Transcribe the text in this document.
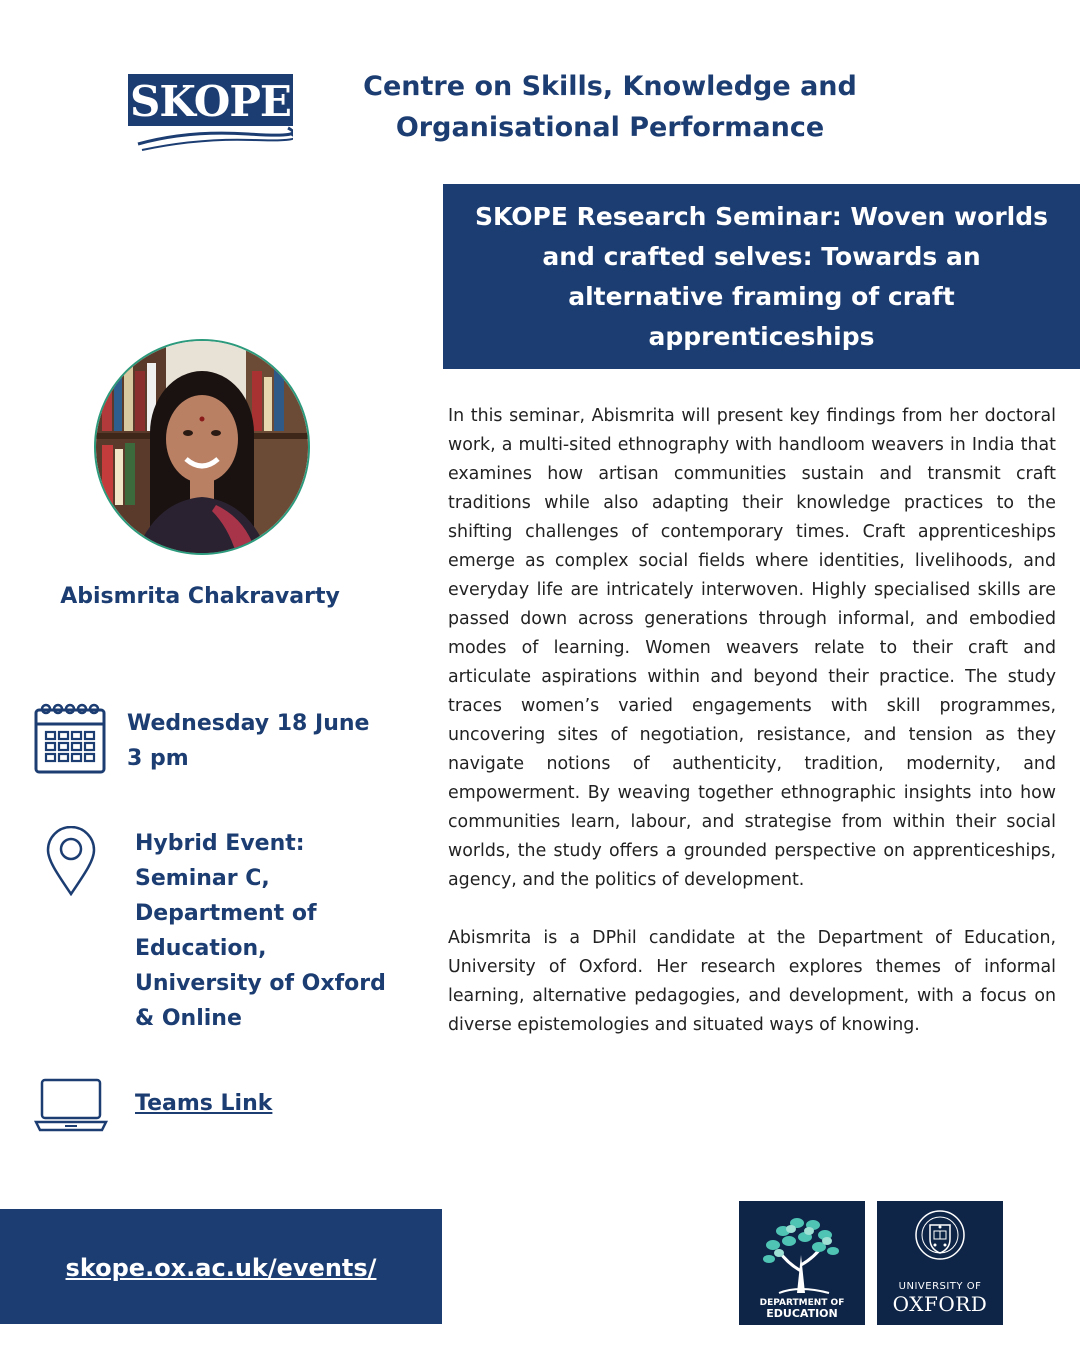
SKOPE	Centre on Skills, Knowledge and
Organisational Performance
SKOPE Research Seminar: Woven worlds and crafted selves: Towards an alternative framing of craft apprenticeships
Abismrita Chakravarty
Wednesday 18 June
3 pm
Hybrid Event:
Seminar C,
Department of
Education,
University of Oxford
& Online
Teams Link

In this seminar, Abismrita will present key findings from her doctoral work, a multi-sited ethnography with handloom weavers in India that examines how artisan communities sustain and transmit craft traditions while also adapting their knowledge practices to the shifting challenges of contemporary times. Craft apprenticeships emerge as complex social fields where identities, livelihoods, and everyday life are intricately interwoven. Highly specialised skills are passed down across generations through informal, and embodied modes of learning. Women weavers relate to their craft and articulate aspirations within and beyond their practice. The study traces women’s varied engagements with skill programmes, uncovering sites of negotiation, resistance, and tension as they navigate notions of authenticity, tradition, modernity, and empowerment. By weaving together ethnographic insights into how communities learn, labour, and strategise from within their social worlds, the study offers a grounded perspective on apprenticeships, agency, and the politics of development.

Abismrita is a DPhil candidate at the Department of Education, University of Oxford. Her research explores themes of informal learning, alternative pedagogies, and development, with a focus on diverse epistemologies and situated ways of knowing.

skope.ox.ac.uk/events/
DEPARTMENT OF
EDUCATION
UNIVERSITY OF
OXFORD
